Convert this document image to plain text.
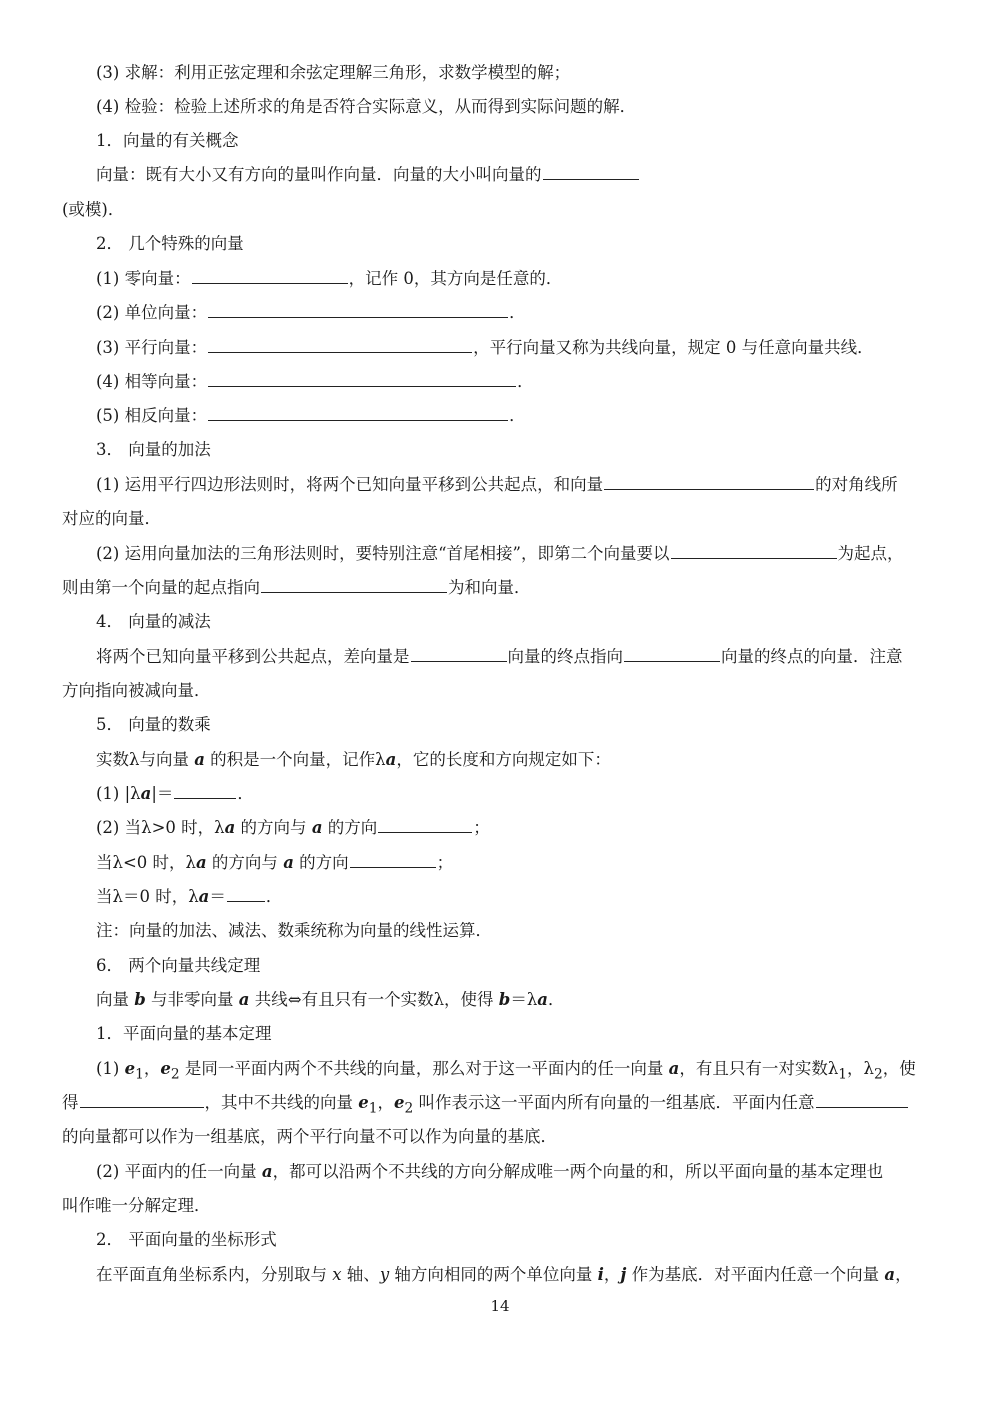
(3) 求解：利用正弦定理和余弦定理解三角形，求数学模型的解；
(4) 检验：检验上述所求的角是否符合实际意义，从而得到实际问题的解．
1．向量的有关概念
向量：既有大小又有方向的量叫作向量．向量的大小叫向量的
(或模)．
2． 几个特殊的向量
(1) 零向量：	，记作 0，其方向是任意的．
(2) 单位向量：	．
(3) 平行向量：	，平行向量又称为共线向量，规定 0 与任意向量共线．
(4) 相等向量：	．
(5) 相反向量：	．
3． 向量的加法
(1) 运用平行四边形法则时，将两个已知向量平移到公共起点，和向量	的对角线所
对应的向量．
(2) 运用向量加法的三角形法则时，要特别注意“首尾相接”，即第二个向量要以	为起点，
则由第一个向量的起点指向	为和向量．
4． 向量的减法
将两个已知向量平移到公共起点，差向量是	向量的终点指向	向量的终点的向量．注意
方向指向被减向量．
5． 向量的数乘
实数λ与向量 a 的积是一个向量，记作λa，它的长度和方向规定如下：
(1) |λa|＝	．
(2) 当λ>0 时，λa 的方向与 a 的方向	；
当λ<0 时，λa 的方向与 a 的方向	；
当λ＝0 时，λa＝ ．
注：向量的加法、减法、数乘统称为向量的线性运算．
6． 两个向量共线定理
向量 b 与非零向量 a 共线⇔有且只有一个实数λ，使得 b＝λa．
1．平面向量的基本定理
(1) $e_1$，$e_2$ 是同一平面内两个不共线的向量，那么对于这一平面内的任一向量 a，有且只有一对实数$\lambda_1$，$\lambda_2$，使
得	，其中不共线的向量 $e_1$，$e_2$ 叫作表示这一平面内所有向量的一组基底．平面内任意
的向量都可以作为一组基底，两个平行向量不可以作为向量的基底．
(2) 平面内的任一向量 a，都可以沿两个不共线的方向分解成唯一两个向量的和，所以平面向量的基本定理也
叫作唯一分解定理．
2． 平面向量的坐标形式
在平面直角坐标系内，分别取与 x 轴、y 轴方向相同的两个单位向量 i，j 作为基底．对平面内任意一个向量 a，
14
